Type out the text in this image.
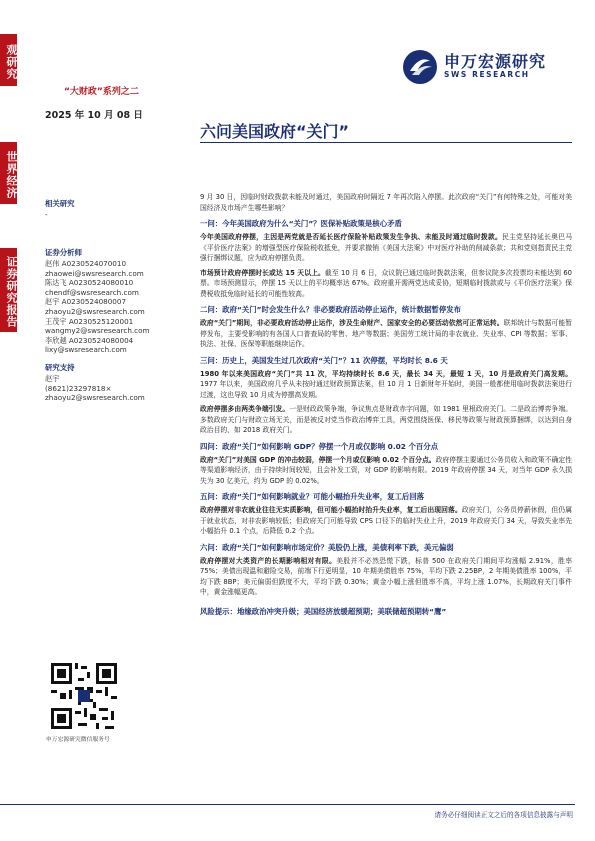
观研究
世界经济
证券研究报告
“大财政”系列之二
2025 年 10 月 08 日
申万宏源研究
SWS RESEARCH
六问美国政府“关门”
相关研究
-
证券分析师
赵伟 A0230524070010
zhaowei@swsresearch.com
陈达飞 A0230524080010
chendf@swsresearch.com
赵宇 A0230524080007
zhaoyu2@swsresearch.com
王茂宇 A0230525120001
wangmy2@swsresearch.com
李欣越 A0230524080004
lixy@swsresearch.com
研究支持
赵宇
(8621)23297818×
zhaoyu2@swsresearch.com
申万宏源研究微信服务号
9 月 30 日，因临时财政拨款未能及时通过，美国政府时隔近 7 年再次陷入停摆。此次政府“关门”有何特殊之处，可能对美国经济及市场产生哪些影响？
一问：今年美国政府为什么“关门”？医保补贴政策是核心矛盾
今年美国政府停摆，主因是两党就是否延长医疗保险补贴政策发生争执、未能及时通过临时拨款。民主党坚持延长奥巴马《平价医疗法案》的增强型医疗保险税收抵免，并要求撤销《美国大法案》中对医疗补助的削减条款；共和党则指责民主党强行捆绑议题，应为政府停摆负责。
市场预计政府停摆时长或达 15 天以上。截至 10 月 6 日，众议院已通过临时拨款法案，但参议院多次投票均未能达到 60 票。市场预测显示，停摆 15 天以上的平均概率达 67%。政府重开需两党达成妥协，短期临时拨款或与《平价医疗法案》保费税收抵免临时延长的可能性较高。
二问：政府“关门”时会发生什么？非必要政府活动停止运作，统计数据暂停发布
政府“关门”期间，非必要政府活动停止运作，涉及生命财产、国家安全的必要活动依然可正常运转。联邦统计与数据可能暂停发布，主要受影响的有各国人口普查局的零售、地产等数据；美国劳工统计局的非农就业、失业率、CPI 等数据；军事、执法、社保、医保等职能继续运作。
三问：历史上，美国发生过几次政府“关门”？11 次停摆，平均时长 8.6 天
1980 年以来美国政府“关门”共 11 次，平均持续时长 8.6 天，最长 34 天，最短 1 天，10 月是政府关门高发期。1977 年以来，美国政府几乎从未按时通过财政预算法案，但 10 月 1 日新财年开始时，美国一般都使用临时拨款法案进行过渡，这也导致 10 月成为停摆高发期。
政府停摆多由两类争端引发。一是财政政策争端，争议焦点是财政赤字问题，如 1981 里根政府关门。二是政治博弈争端。多数政府关门与财政立场无关，而是被反对党当作政治博弈工具，两党围绕医保、移民等政策与财政预算捆绑，以达到自身政治目的，如 2018 政府关门。
四问：政府“关门”如何影响 GDP？停摆一个月或仅影响 0.02 个百分点
政府“关门”对美国 GDP 的冲击较弱，停摆一个月或仅影响 0.02 个百分点。政府停摆主要通过公务员收入和政策不确定性等渠道影响经济，由于持续时间较短，且会补发工资，对 GDP 的影响有限。2019 年政府停摆 34 天，对当年 GDP 永久损失为 30 亿美元，约为 GDP 的 0.02%。
五问：政府“关门”如何影响就业？可能小幅抬升失业率，复工后回落
政府停摆对非农就业往往无实质影响，但可能小幅抬时抬升失业率，复工后出现回落。政府关门，公务员停薪休假，但仍属于就业状态，对非农影响较低；但政府关门可能导致 CPS 口径下的临时失业上升，2019 年政府关门 34 天，导致失业率先小幅抬升 0.1 个点，后降低 0.2 个点。
六问：政府“关门”如何影响市场定价？美股仍上涨，美债利率下跌，美元偏弱
政府停摆对大类资产的长期影响相对有限。美股并不必然恐慌下跌，标普 500 在政府关门期间平均涨幅 2.91%，胜率 75%；美债出现温和避险交易，前端下行更明显，10 年期美债胜率 75%，平均下跌 2.25BP，2 年期美债胜率 100%，平均下跌 8BP；美元偏弱但跌度不大，平均下跌 0.30%；黄金小幅上涨但胜率不高，平均上涨 1.07%，长期政府关门事件中，黄金涨幅更高。
风险提示：地缘政治冲突升级；美国经济放缓超预期；美联储超预期转“鹰”
请务必仔细阅读正文之后的各项信息披露与声明
